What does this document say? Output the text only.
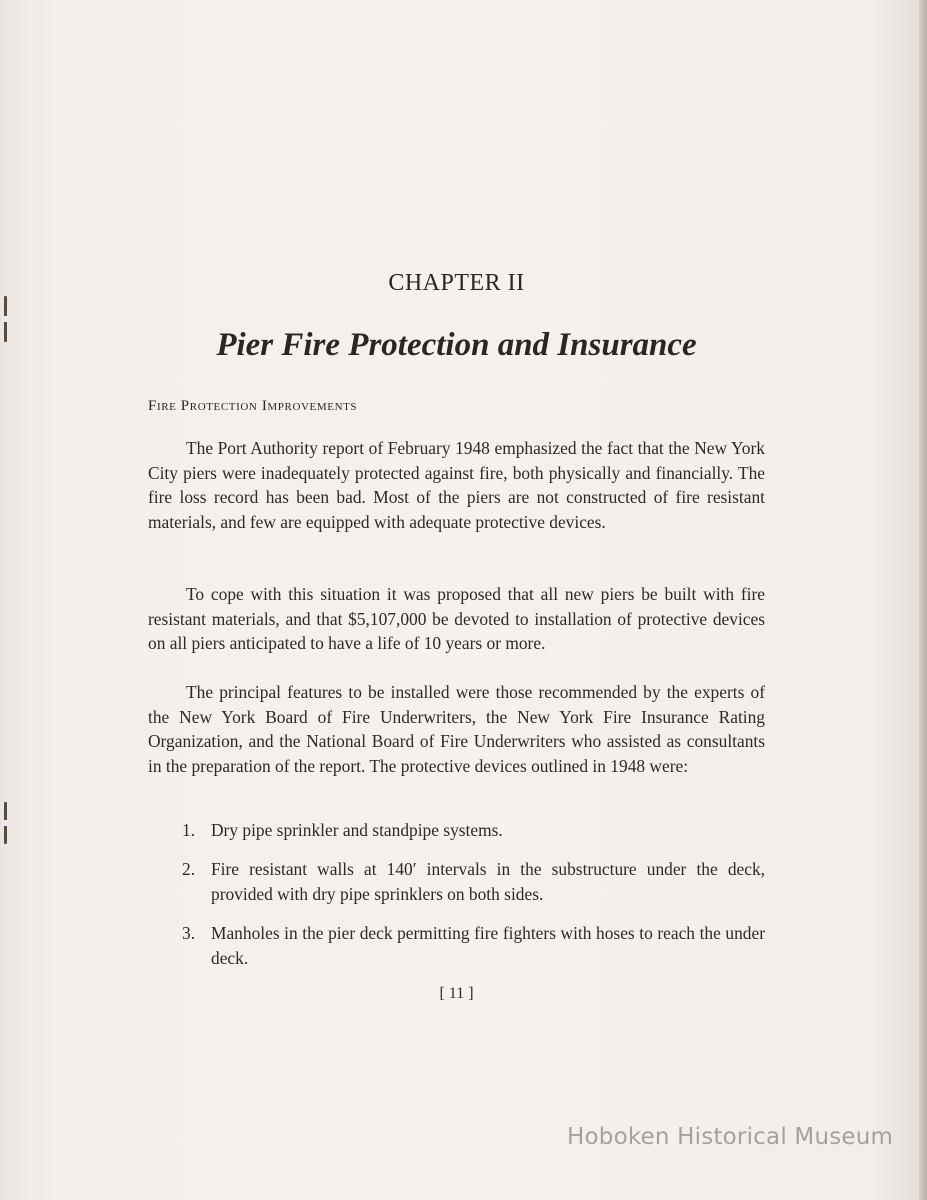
CHAPTER II
Pier Fire Protection and Insurance
Fire Protection Improvements

The Port Authority report of February 1948 emphasized the fact that the New York City piers were inadequately protected against fire, both physically and financially. The fire loss record has been bad. Most of the piers are not constructed of fire resistant materials, and few are equipped with adequate protective devices.

To cope with this situation it was proposed that all new piers be built with fire resistant materials, and that $5,107,000 be devoted to installation of protective devices on all piers anticipated to have a life of 10 years or more.

The principal features to be installed were those recommended by the experts of the New York Board of Fire Underwriters, the New York Fire Insurance Rating Organization, and the National Board of Fire Underwriters who assisted as consultants in the preparation of the report. The protective devices outlined in 1948 were:

1. Dry pipe sprinkler and standpipe systems.
2. Fire resistant walls at 140′ intervals in the substructure under the deck, provided with dry pipe sprinklers on both sides.
3. Manholes in the pier deck permitting fire fighters with hoses to reach the under deck.
[ 11 ]
Hoboken Historical Museum
